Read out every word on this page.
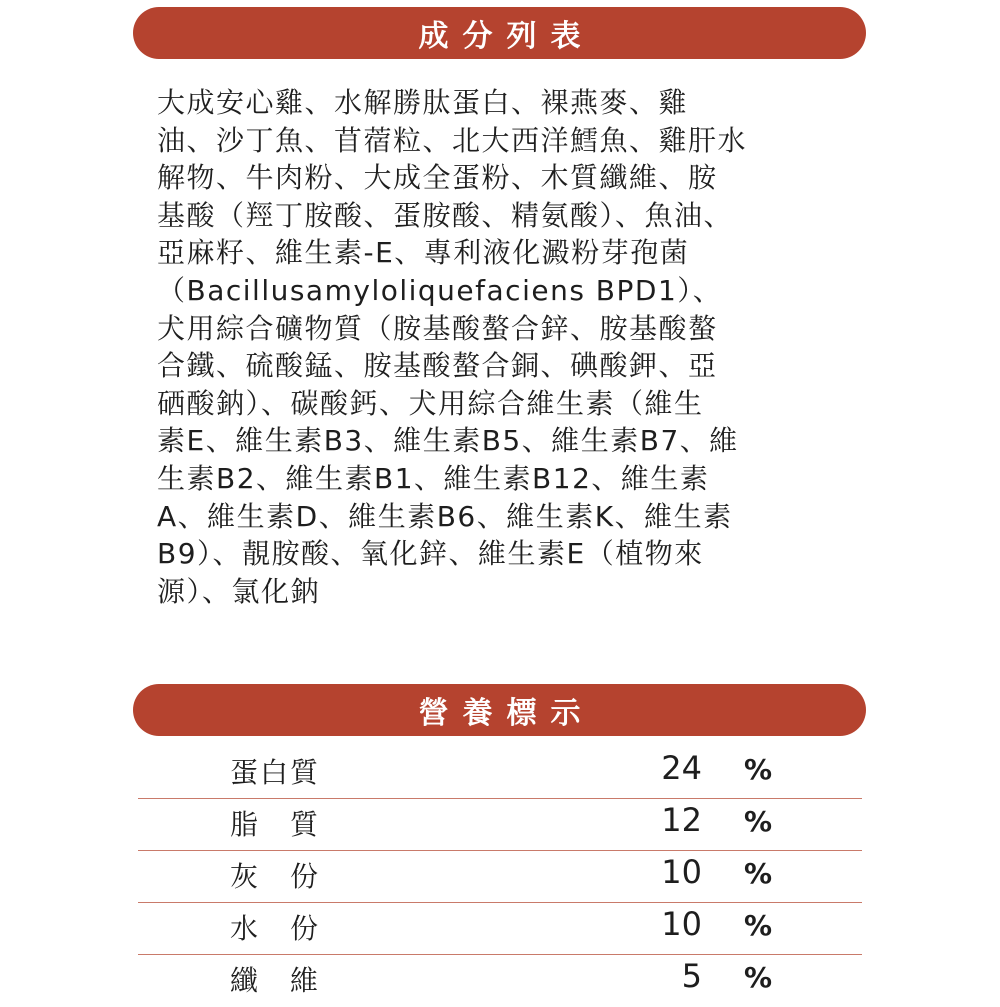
成分列表
大成安心雞、水解勝肽蛋白、裸燕麥、雞
油、沙丁魚、苜蓿粒、北大西洋鱈魚、雞肝水
解物、牛肉粉、大成全蛋粉、木質纖維、胺
基酸（羥丁胺酸、蛋胺酸、精氨酸）、魚油、
亞麻籽、維生素-E、專利液化澱粉芽孢菌
（Bacillusamyloliquefaciens BPD1）、
犬用綜合礦物質（胺基酸螯合鋅、胺基酸螯
合鐵、硫酸錳、胺基酸螯合銅、碘酸鉀、亞
硒酸鈉）、碳酸鈣、犬用綜合維生素（維生
素E、維生素B3、維生素B5、維生素B7、維
生素B2、維生素B1、維生素B12、維生素
A、維生素D、維生素B6、維生素K、維生素
B9）、靚胺酸、氧化鋅、維生素E（植物來
源）、氯化鈉
營養標示
蛋白質	24 %
脂　質	12 %
灰　份	10 %
水　份	10 %
纖　維	5 %
